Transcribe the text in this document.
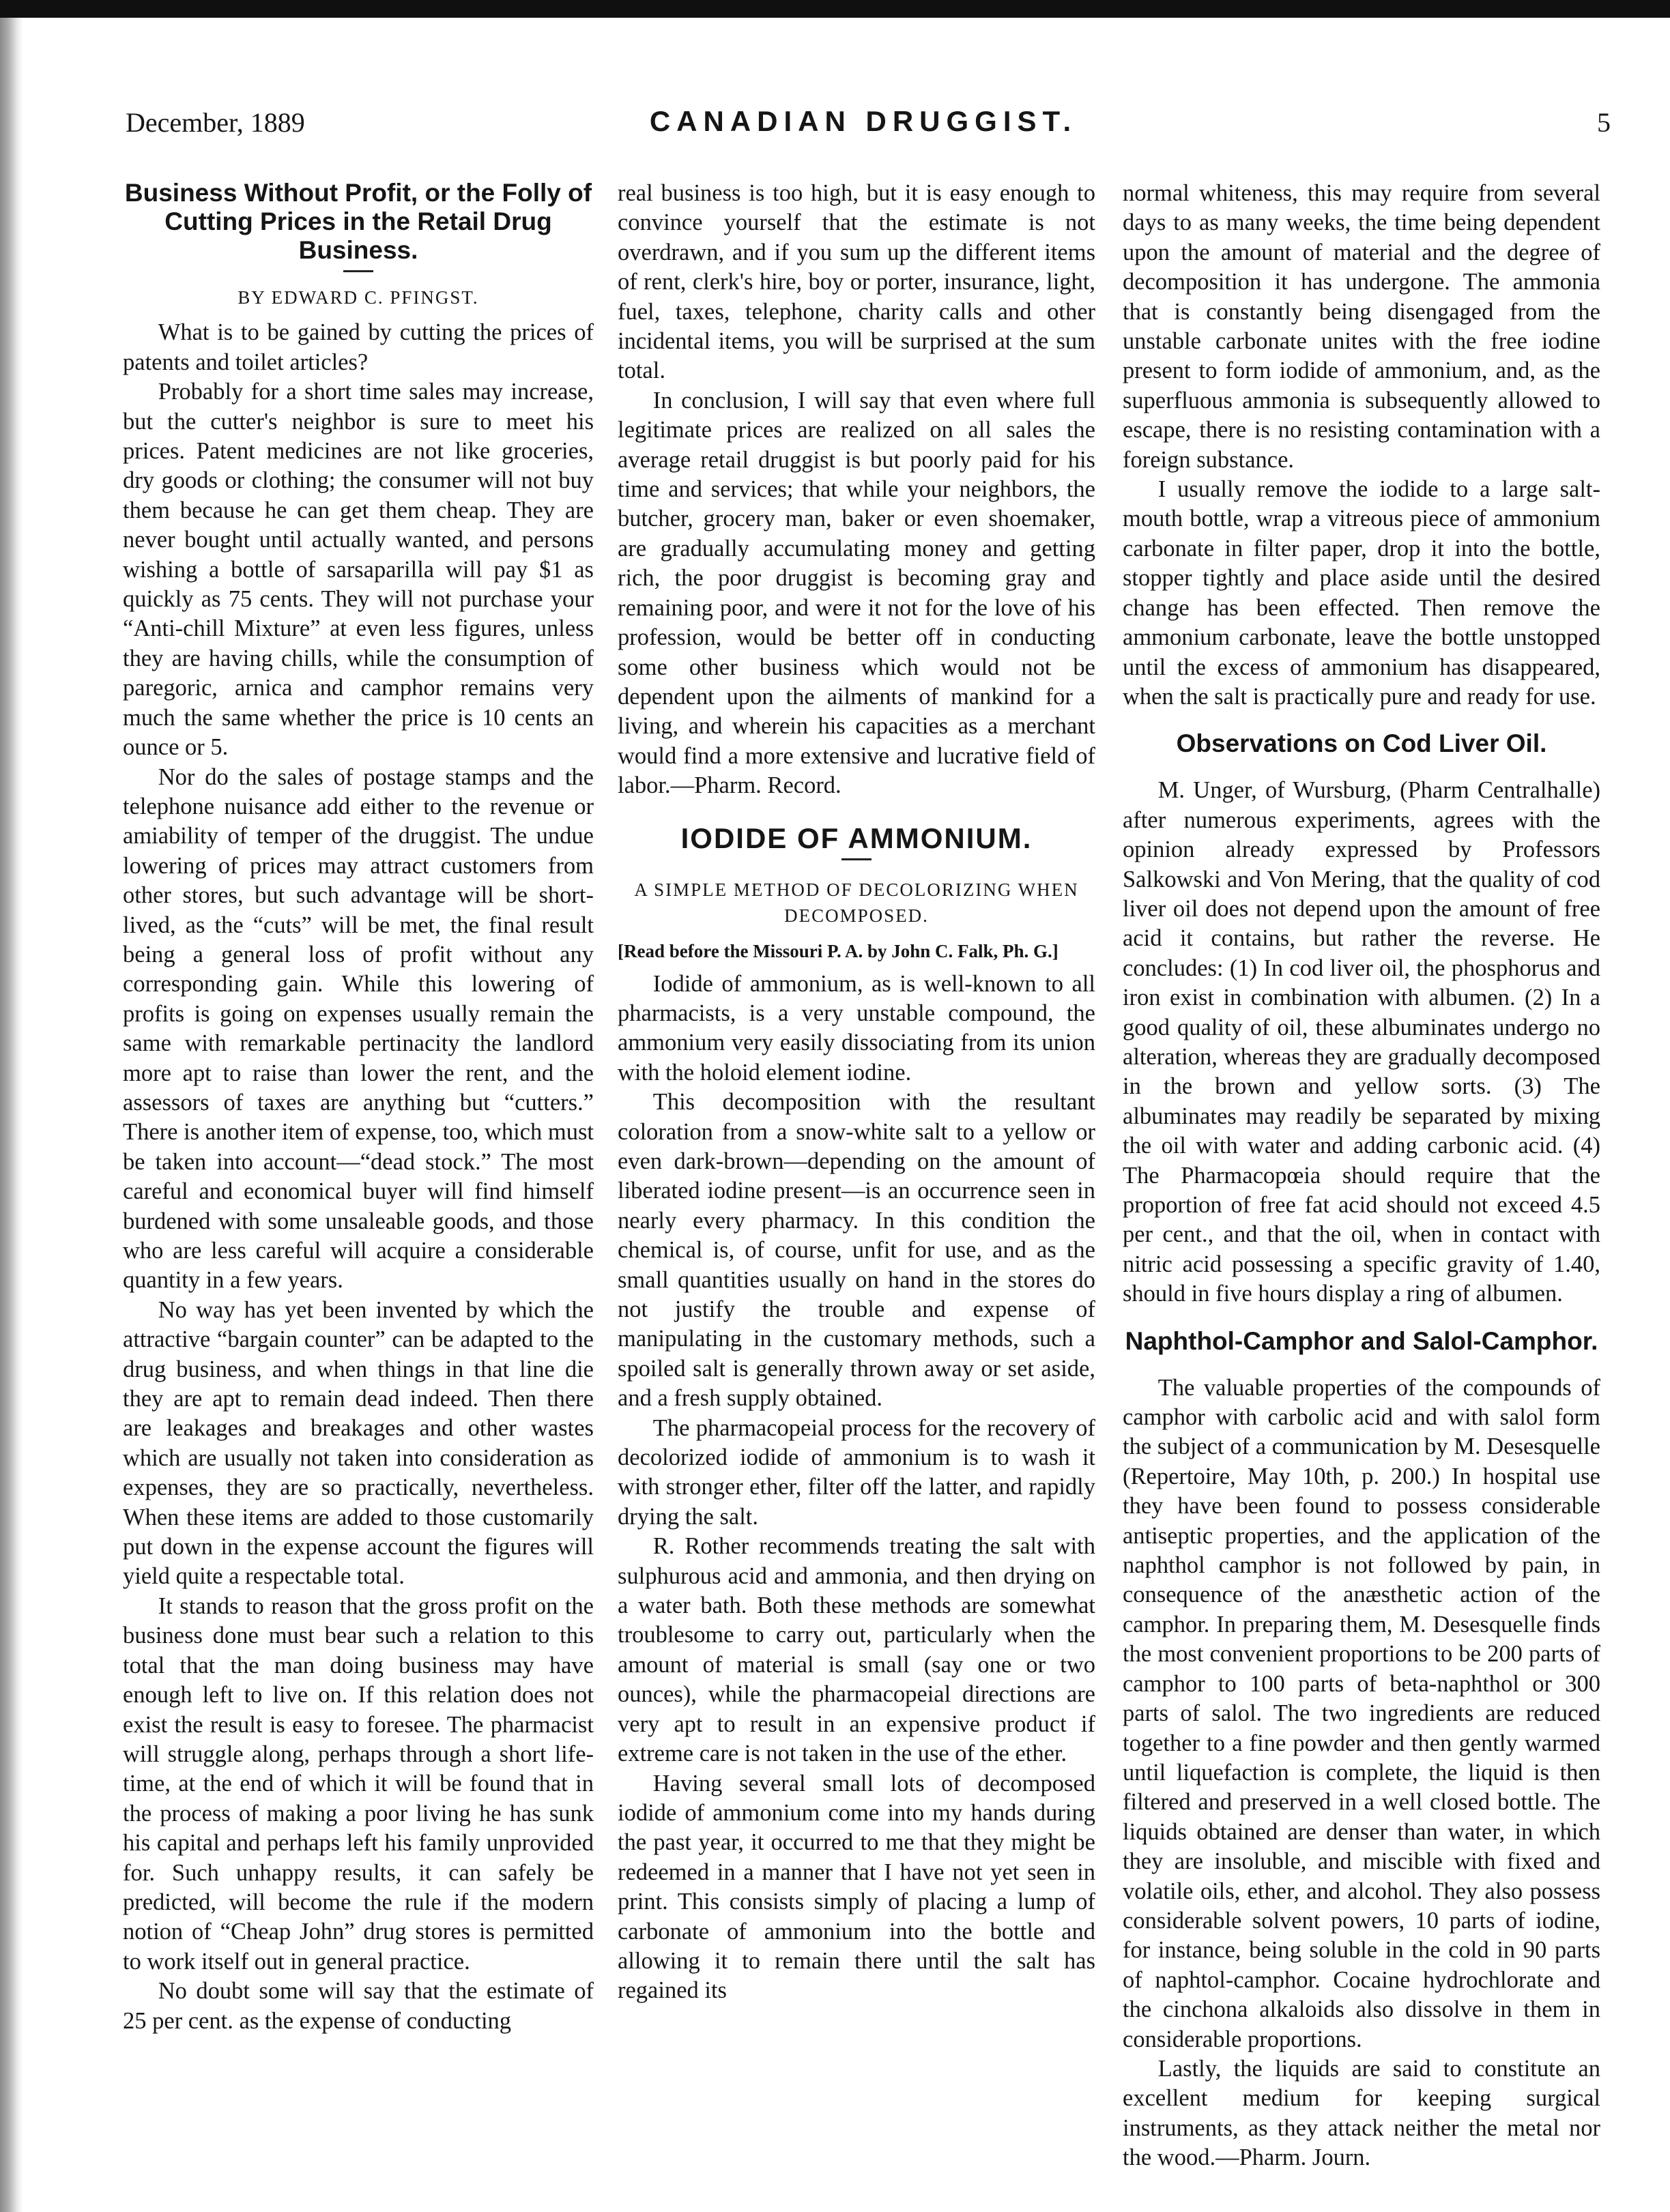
December, 1889	CANADIAN DRUGGIST.	5
Business Without Profit, or the Folly of Cutting Prices in the Retail Drug Business.
BY EDWARD C. PFINGST.

What is to be gained by cutting the prices of patents and toilet articles?

Probably for a short time sales may increase, but the cutter's neighbor is sure to meet his prices. Patent medicines are not like groceries, dry goods or clothing; the consumer will not buy them because he can get them cheap. They are never bought until actually wanted, and persons wishing a bottle of sarsaparilla will pay $1 as quickly as 75 cents. They will not purchase your “Anti-chill Mixture” at even less figures, unless they are having chills, while the consumption of paregoric, arnica and camphor remains very much the same whether the price is 10 cents an ounce or 5.

Nor do the sales of postage stamps and the telephone nuisance add either to the revenue or amiability of temper of the druggist. The undue lowering of prices may attract customers from other stores, but such advantage will be short-lived, as the “cuts” will be met, the final result being a general loss of profit without any corresponding gain. While this lowering of profits is going on expenses usually remain the same with remarkable pertinacity the landlord more apt to raise than lower the rent, and the assessors of taxes are anything but “cutters.” There is another item of expense, too, which must be taken into account—“dead stock.” The most careful and economical buyer will find himself burdened with some unsaleable goods, and those who are less careful will acquire a considerable quantity in a few years.

No way has yet been invented by which the attractive “bargain counter” can be adapted to the drug business, and when things in that line die they are apt to remain dead indeed. Then there are leakages and breakages and other wastes which are usually not taken into consideration as expenses, they are so practically, nevertheless. When these items are added to those customarily put down in the expense account the figures will yield quite a respectable total.

It stands to reason that the gross profit on the business done must bear such a relation to this total that the man doing business may have enough left to live on. If this relation does not exist the result is easy to foresee. The pharmacist will struggle along, perhaps through a short life-time, at the end of which it will be found that in the process of making a poor living he has sunk his capital and perhaps left his family unprovided for. Such unhappy results, it can safely be predicted, will become the rule if the modern notion of “Cheap John” drug stores is permitted to work itself out in general practice.

No doubt some will say that the estimate of 25 per cent. as the expense of conducting

real business is too high, but it is easy enough to convince yourself that the estimate is not overdrawn, and if you sum up the different items of rent, clerk's hire, boy or porter, insurance, light, fuel, taxes, telephone, charity calls and other incidental items, you will be surprised at the sum total.

In conclusion, I will say that even where full legitimate prices are realized on all sales the average retail druggist is but poorly paid for his time and services; that while your neighbors, the butcher, grocery man, baker or even shoemaker, are gradually accumulating money and getting rich, the poor druggist is becoming gray and remaining poor, and were it not for the love of his profession, would be better off in conducting some other business which would not be dependent upon the ailments of mankind for a living, and wherein his capacities as a merchant would find a more extensive and lucrative field of labor.—Pharm. Record.

IODIDE OF AMMONIUM.
A SIMPLE METHOD OF DECOLORIZING WHEN DECOMPOSED.
[Read before the Missouri P. A. by John C. Falk, Ph. G.]

Iodide of ammonium, as is well-known to all pharmacists, is a very unstable compound, the ammonium very easily dissociating from its union with the holoid element iodine.

This decomposition with the resultant coloration from a snow-white salt to a yellow or even dark-brown—depending on the amount of liberated iodine present—is an occurrence seen in nearly every pharmacy. In this condition the chemical is, of course, unfit for use, and as the small quantities usually on hand in the stores do not justify the trouble and expense of manipulating in the customary methods, such a spoiled salt is generally thrown away or set aside, and a fresh supply obtained.

The pharmacopeial process for the recovery of decolorized iodide of ammonium is to wash it with stronger ether, filter off the latter, and rapidly drying the salt.

R. Rother recommends treating the salt with sulphurous acid and ammonia, and then drying on a water bath. Both these methods are somewhat troublesome to carry out, particularly when the amount of material is small (say one or two ounces), while the pharmacopeial directions are very apt to result in an expensive product if extreme care is not taken in the use of the ether.

Having several small lots of decomposed iodide of ammonium come into my hands during the past year, it occurred to me that they might be redeemed in a manner that I have not yet seen in print. This consists simply of placing a lump of carbonate of ammonium into the bottle and allowing it to remain there until the salt has regained its

normal whiteness, this may require from several days to as many weeks, the time being dependent upon the amount of material and the degree of decomposition it has undergone. The ammonia that is constantly being disengaged from the unstable carbonate unites with the free iodine present to form iodide of ammonium, and, as the superfluous ammonia is subsequently allowed to escape, there is no resisting contamination with a foreign substance.

I usually remove the iodide to a large salt-mouth bottle, wrap a vitreous piece of ammonium carbonate in filter paper, drop it into the bottle, stopper tightly and place aside until the desired change has been effected. Then remove the ammonium carbonate, leave the bottle unstopped until the excess of ammonium has disappeared, when the salt is practically pure and ready for use.

Observations on Cod Liver Oil.

M. Unger, of Wursburg, (Pharm Centralhalle) after numerous experiments, agrees with the opinion already expressed by Professors Salkowski and Von Mering, that the quality of cod liver oil does not depend upon the amount of free acid it contains, but rather the reverse. He concludes: (1) In cod liver oil, the phosphorus and iron exist in combination with albumen. (2) In a good quality of oil, these albuminates undergo no alteration, whereas they are gradually decomposed in the brown and yellow sorts. (3) The albuminates may readily be separated by mixing the oil with water and adding carbonic acid. (4) The Pharmacopœia should require that the proportion of free fat acid should not exceed 4.5 per cent., and that the oil, when in contact with nitric acid possessing a specific gravity of 1.40, should in five hours display a ring of albumen.

Naphthol-Camphor and Salol-Camphor.

The valuable properties of the compounds of camphor with carbolic acid and with salol form the subject of a communication by M. Desesquelle (Repertoire, May 10th, p. 200.) In hospital use they have been found to possess considerable antiseptic properties, and the application of the naphthol camphor is not followed by pain, in consequence of the anæsthetic action of the camphor. In preparing them, M. Desesquelle finds the most convenient proportions to be 200 parts of camphor to 100 parts of beta-naphthol or 300 parts of salol. The two ingredients are reduced together to a fine powder and then gently warmed until liquefaction is complete, the liquid is then filtered and preserved in a well closed bottle. The liquids obtained are denser than water, in which they are insoluble, and miscible with fixed and volatile oils, ether, and alcohol. They also possess considerable solvent powers, 10 parts of iodine, for instance, being soluble in the cold in 90 parts of naphtol-camphor. Cocaine hydrochlorate and the cinchona alkaloids also dissolve in them in considerable proportions.

Lastly, the liquids are said to constitute an excellent medium for keeping surgical instruments, as they attack neither the metal nor the wood.—Pharm. Journ.
